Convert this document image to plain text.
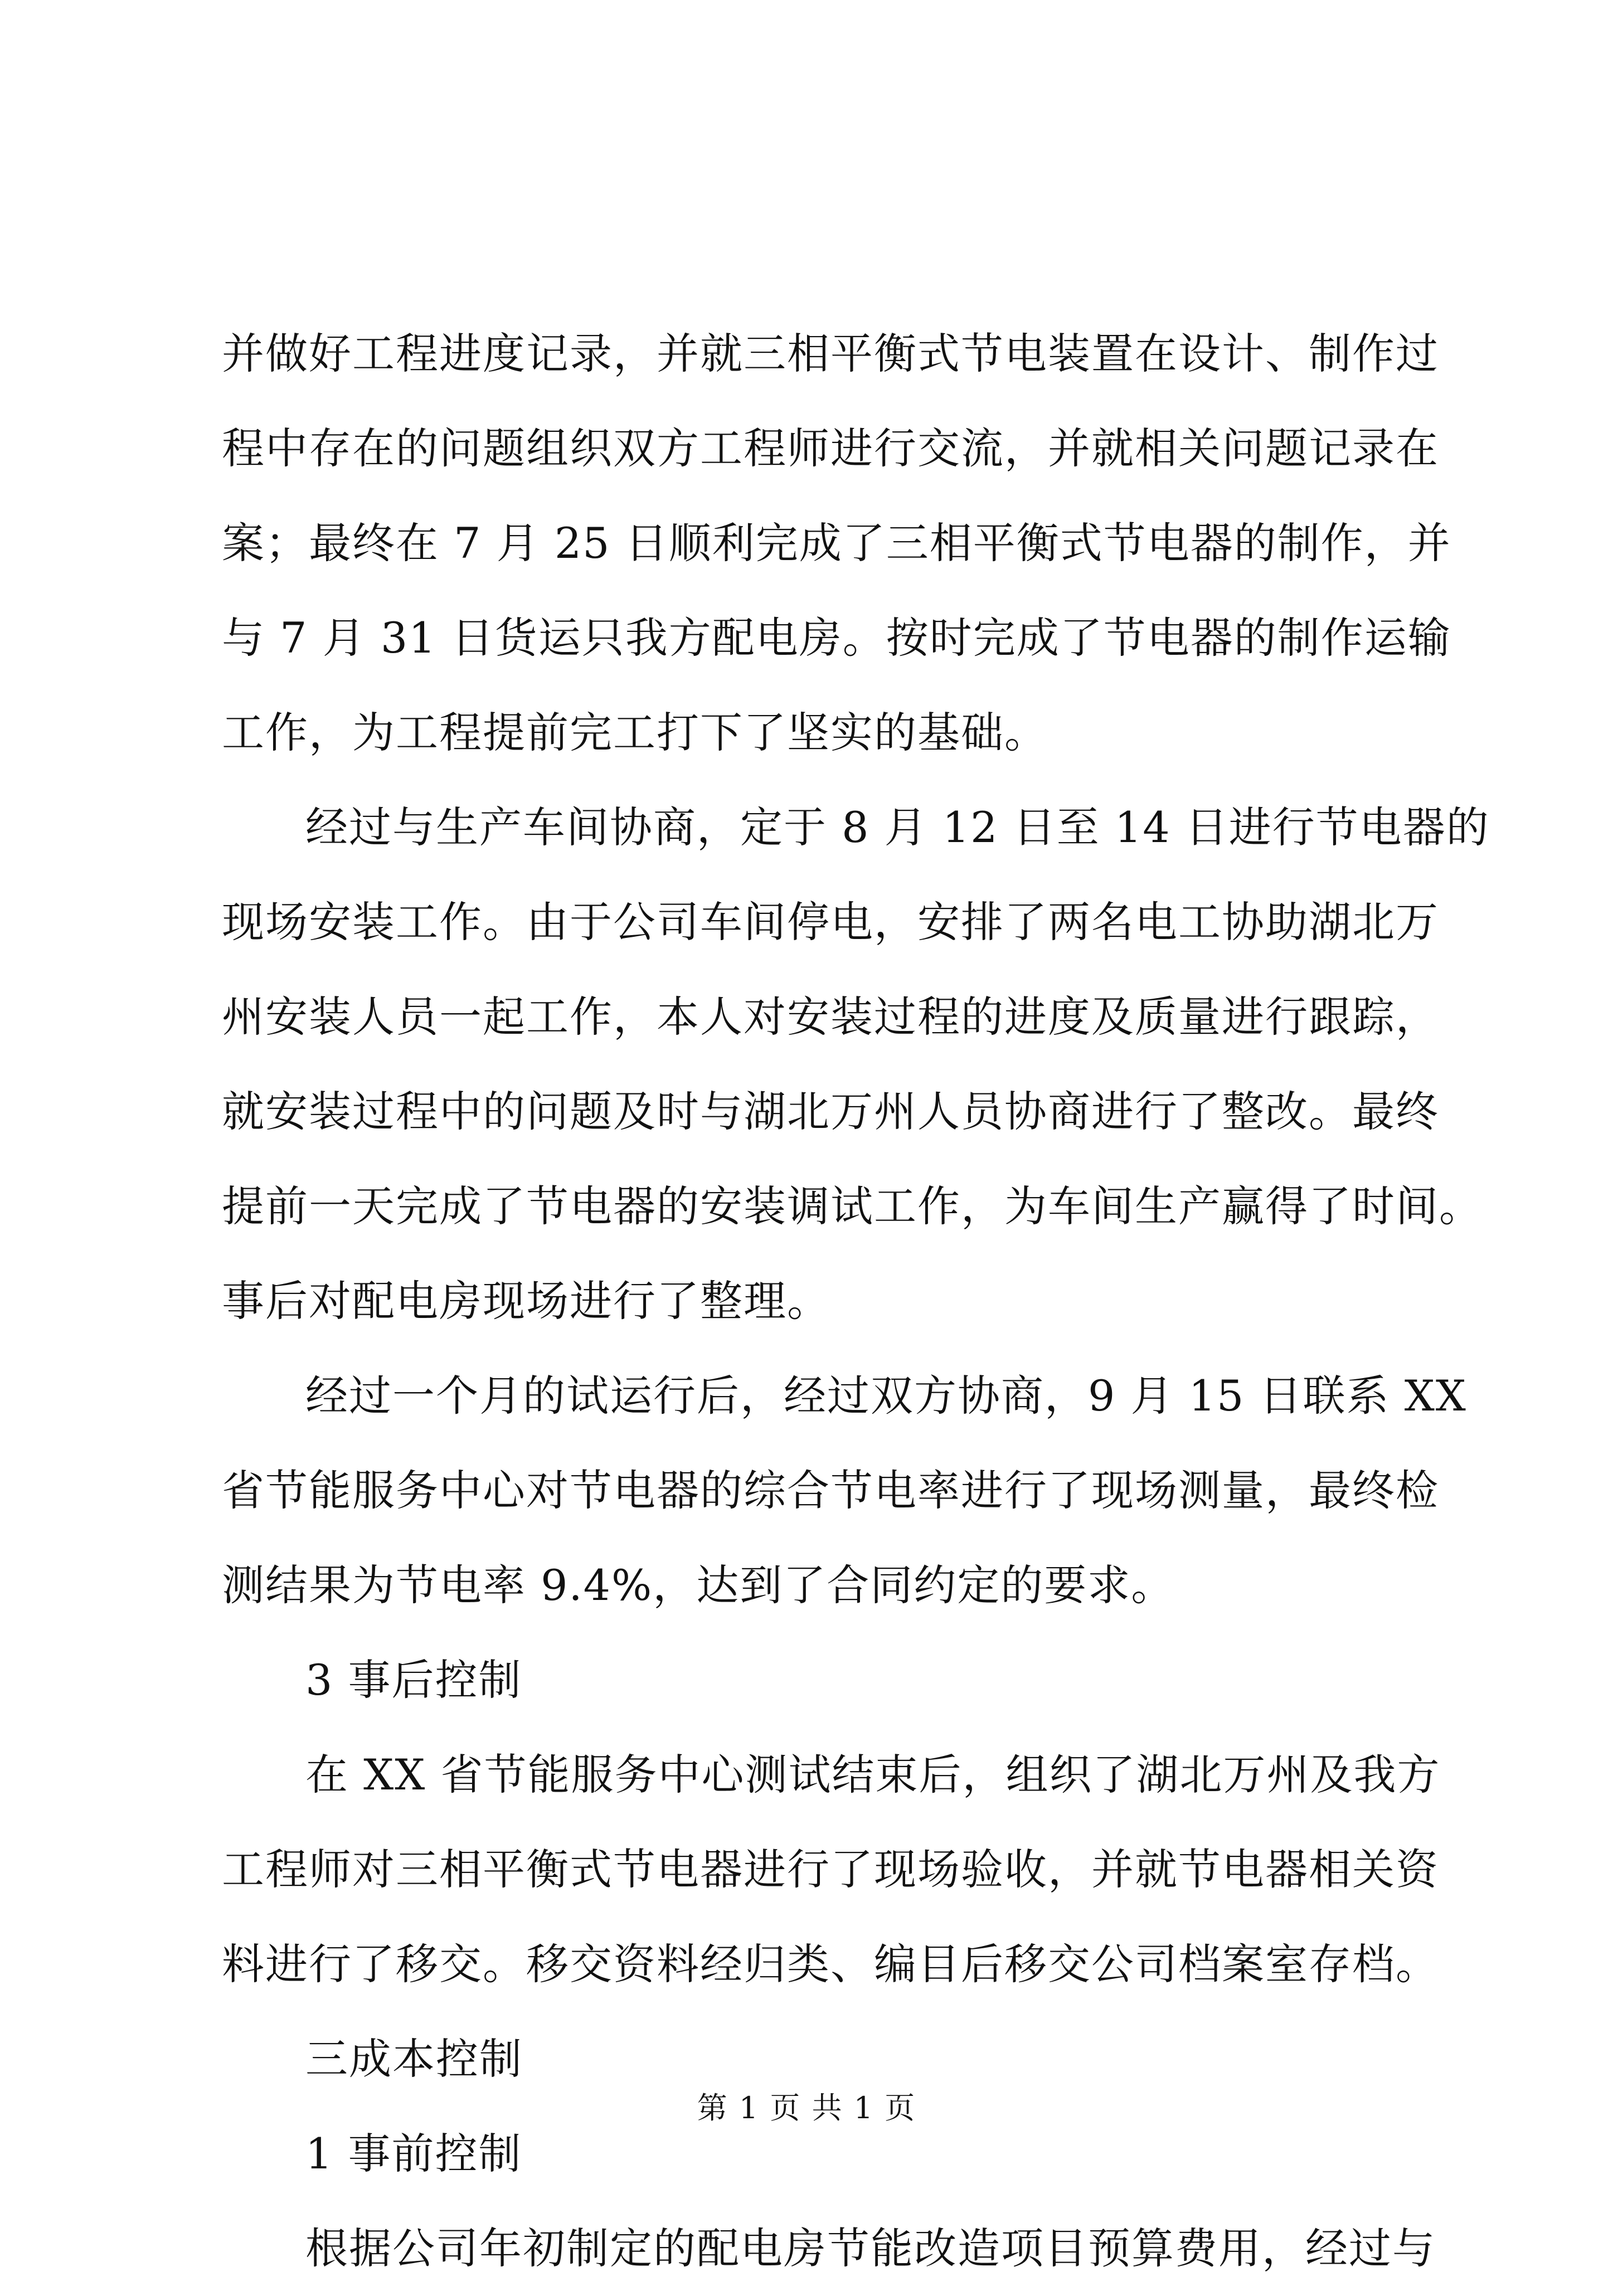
并做好工程进度记录，并就三相平衡式节电装置在设计、制作过
程中存在的问题组织双方工程师进行交流，并就相关问题记录在
案；最终在 7 月 25 日顺利完成了三相平衡式节电器的制作，并
与 7 月 31 日货运只我方配电房。按时完成了节电器的制作运输
工作，为工程提前完工打下了坚实的基础。
经过与生产车间协商，定于 8 月 12 日至 14 日进行节电器的
现场安装工作。由于公司车间停电，安排了两名电工协助湖北万
州安装人员一起工作，本人对安装过程的进度及质量进行跟踪，
就安装过程中的问题及时与湖北万州人员协商进行了整改。最终
提前一天完成了节电器的安装调试工作，为车间生产赢得了时间。
事后对配电房现场进行了整理。
经过一个月的试运行后，经过双方协商，9 月 15 日联系 XX
省节能服务中心对节电器的综合节电率进行了现场测量，最终检
测结果为节电率 9.4%，达到了合同约定的要求。
3 事后控制
在 XX 省节能服务中心测试结束后，组织了湖北万州及我方
工程师对三相平衡式节电器进行了现场验收，并就节电器相关资
料进行了移交。移交资料经归类、编目后移交公司档案室存档。
三成本控制
1 事前控制
根据公司年初制定的配电房节能改造项目预算费用，经过与
第 1 页 共 1 页
